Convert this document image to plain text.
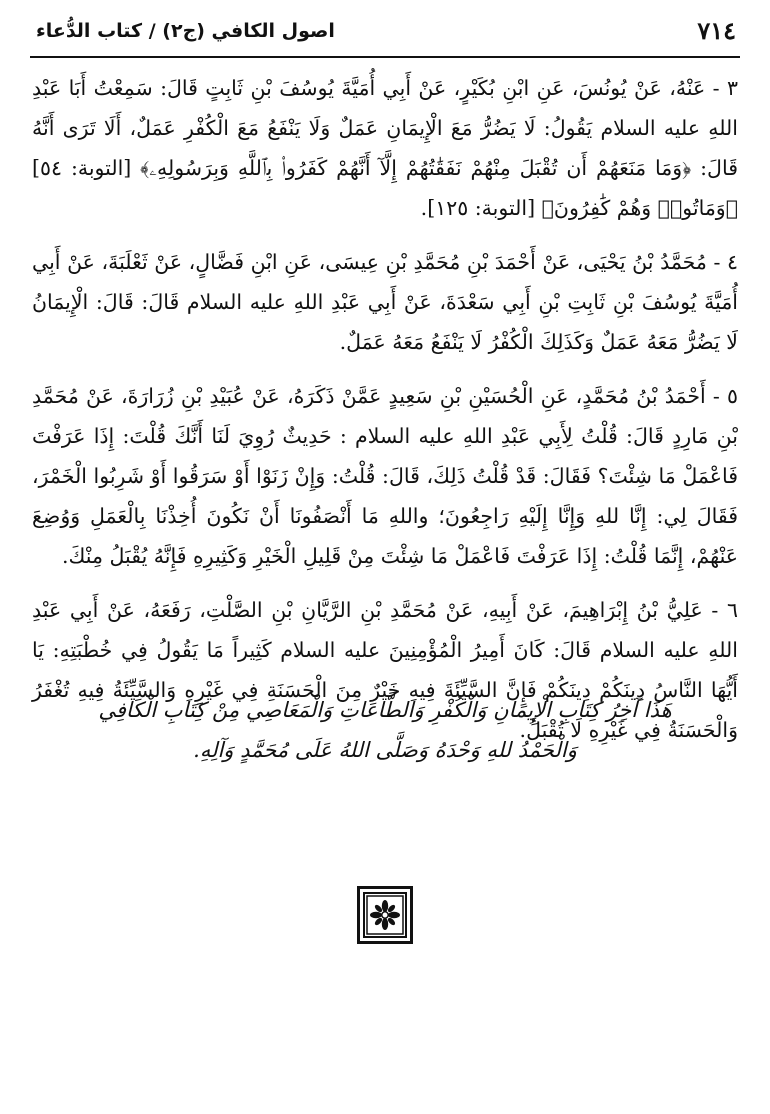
٧١٤
اصول الكافي (ج٢) / كتاب الدُّعاء

٣ - عَنْهُ، عَنْ يُونُسَ، عَنِ ابْنِ بُكَيْرٍ، عَنْ أَبِي أُمَيَّةَ يُوسُفَ بْنِ ثَابِتٍ قَالَ: سَمِعْتُ أَبَا عَبْدِ اللهِ عليه السلام يَقُولُ: لَا يَضُرُّ مَعَ الْإِيمَانِ عَمَلٌ وَلَا يَنْفَعُ مَعَ الْكُفْرِ عَمَلٌ، أَلَا تَرَى أَنَّهُ قَالَ: ﴿وَمَا مَنَعَهُمْ أَن تُقْبَلَ مِنْهُمْ نَفَقَٰتُهُمْ إِلَّآ أَنَّهُمْ كَفَرُوا۟ بِٱللَّهِ وَبِرَسُولِهِۦ﴾ [التوبة: ٥٤] ﴿وَمَاتُوا۟ وَهُمْ كَٰفِرُونَ﴾ [التوبة: ١٢٥].

٤ - مُحَمَّدُ بْنُ يَحْيَى، عَنْ أَحْمَدَ بْنِ مُحَمَّدِ بْنِ عِيسَى، عَنِ ابْنِ فَضَّالٍ، عَنْ ثَعْلَبَةَ، عَنْ أَبِي أُمَيَّةَ يُوسُفَ بْنِ ثَابِتِ بْنِ أَبِي سَعْدَةَ، عَنْ أَبِي عَبْدِ اللهِ عليه السلام قَالَ: قَالَ: الْإِيمَانُ لَا يَضُرُّ مَعَهُ عَمَلٌ وَكَذَلِكَ الْكُفْرُ لَا يَنْفَعُ مَعَهُ عَمَلٌ.

٥ - أَحْمَدُ بْنُ مُحَمَّدٍ، عَنِ الْحُسَيْنِ بْنِ سَعِيدٍ عَمَّنْ ذَكَرَهُ، عَنْ عُبَيْدِ بْنِ زُرَارَةَ، عَنْ مُحَمَّدِ بْنِ مَارِدٍ قَالَ: قُلْتُ لِأَبِي عَبْدِ اللهِ عليه السلام : حَدِيثٌ رُوِيَ لَنَا أَنَّكَ قُلْتَ: إِذَا عَرَفْتَ فَاعْمَلْ مَا شِئْتَ؟ فَقَالَ: قَدْ قُلْتُ ذَلِكَ، قَالَ: قُلْتُ: وَإِنْ زَنَوْا أَوْ سَرَقُوا أَوْ شَرِبُوا الْخَمْرَ، فَقَالَ لِي: إِنَّا للهِ وَإِنَّا إِلَيْهِ رَاجِعُونَ؛ واللهِ مَا أَنْصَفُونَا أَنْ نَكُونَ أُخِذْنَا بِالْعَمَلِ وَوُضِعَ عَنْهُمْ، إِنَّمَا قُلْتُ: إِذَا عَرَفْتَ فَاعْمَلْ مَا شِئْتَ مِنْ قَلِيلِ الْخَيْرِ وَكَثِيرِهِ فَإِنَّهُ يُقْبَلُ مِنْكَ.

٦ - عَلِيُّ بْنُ إِبْرَاهِيمَ، عَنْ أَبِيهِ، عَنْ مُحَمَّدِ بْنِ الرَّيَّانِ بْنِ الصَّلْتِ، رَفَعَهُ، عَنْ أَبِي عَبْدِ اللهِ عليه السلام قَالَ: كَانَ أَمِيرُ الْمُؤْمِنِينَ عليه السلام كَثِيراً مَا يَقُولُ فِي خُطْبَتِهِ: يَا أَيُّهَا النَّاسُ دِينَكُمْ دِينَكُمْ فَإِنَّ السَّيِّئَةَ فِيهِ خَيْرٌ مِنَ الْحَسَنَةِ فِي غَيْرِهِ وَالسَّيِّئَةُ فِيهِ تُغْفَرُ وَالْحَسَنَةُ فِي غَيْرِهِ لَا تُقْبَلُ.

هَذَا آخِرُ كِتَابِ الْإِيمَانِ وَالْكُفْرِ وَالطَّاعَاتِ وَالْمَعَاصِي مِنْ كِتَابِ الْكَافِي

وَالْحَمْدُ للهِ وَحْدَهُ وَصَلَّى اللهُ عَلَى مُحَمَّدٍ وَآلِهِ.
